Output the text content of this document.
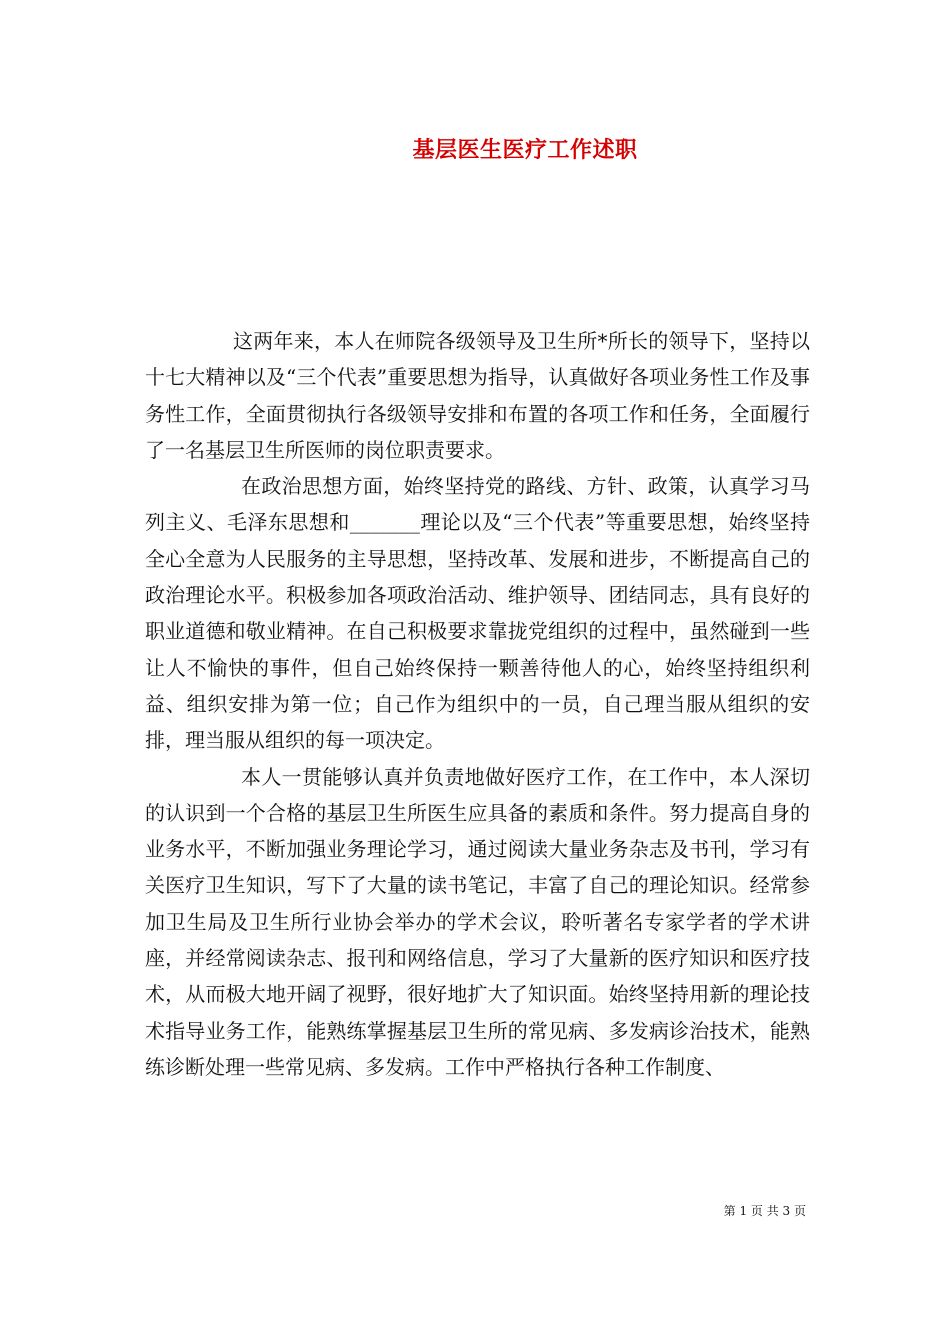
基层医生医疗工作述职

这两年来，本人在师院各级领导及卫生所*所长的领导下，坚持以十七大精神以及“三个代表”重要思想为指导，认真做好各项业务性工作及事务性工作，全面贯彻执行各级领导安排和布置的各项工作和任务，全面履行了一名基层卫生所医师的岗位职责要求。

在政治思想方面，始终坚持党的路线、方针、政策，认真学习马列主义、毛泽东思想和_______理论以及“三个代表”等重要思想，始终坚持全心全意为人民服务的主导思想，坚持改革、发展和进步，不断提高自己的政治理论水平。积极参加各项政治活动、维护领导、团结同志，具有良好的职业道德和敬业精神。在自己积极要求靠拢党组织的过程中，虽然碰到一些让人不愉快的事件，但自己始终保持一颗善待他人的心，始终坚持组织利益、组织安排为第一位；自己作为组织中的一员，自己理当服从组织的安排，理当服从组织的每一项决定。

本人一贯能够认真并负责地做好医疗工作，在工作中，本人深切的认识到一个合格的基层卫生所医生应具备的素质和条件。努力提高自身的业务水平，不断加强业务理论学习，通过阅读大量业务杂志及书刊，学习有关医疗卫生知识，写下了大量的读书笔记，丰富了自己的理论知识。经常参加卫生局及卫生所行业协会举办的学术会议，聆听著名专家学者的学术讲座，并经常阅读杂志、报刊和网络信息，学习了大量新的医疗知识和医疗技术，从而极大地开阔了视野，很好地扩大了知识面。始终坚持用新的理论技术指导业务工作，能熟练掌握基层卫生所的常见病、多发病诊治技术，能熟练诊断处理一些常见病、多发病。工作中严格执行各种工作制度、

第 1 页 共 3 页
